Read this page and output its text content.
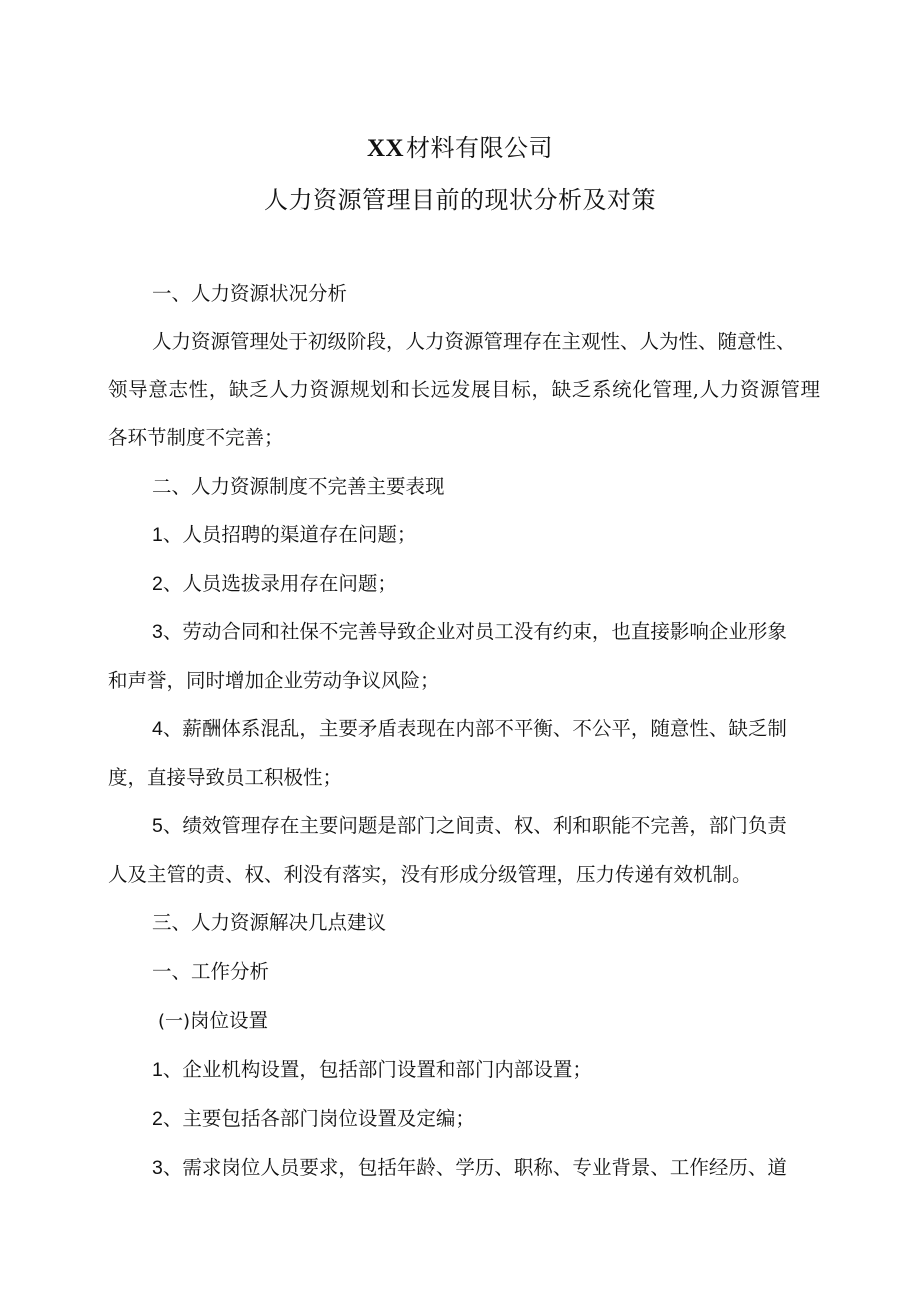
XX材料有限公司
人力资源管理目前的现状分析及对策
一、人力资源状况分析
人力资源管理处于初级阶段，人力资源管理存在主观性、人为性、随意性、
领导意志性，缺乏人力资源规划和长远发展目标，缺乏系统化管理,人力资源管理
各环节制度不完善；
二、人力资源制度不完善主要表现
1、人员招聘的渠道存在问题；
2、人员选拔录用存在问题；
3、劳动合同和社保不完善导致企业对员工没有约束，也直接影响企业形象
和声誉，同时增加企业劳动争议风险；
4、薪酬体系混乱，主要矛盾表现在内部不平衡、不公平，随意性、缺乏制
度，直接导致员工积极性；
5、绩效管理存在主要问题是部门之间责、权、利和职能不完善，部门负责
人及主管的责、权、利没有落实，没有形成分级管理，压力传递有效机制。
三、人力资源解决几点建议
一、工作分析
(一)岗位设置
1、企业机构设置，包括部门设置和部门内部设置；
2、主要包括各部门岗位设置及定编；
3、需求岗位人员要求，包括年龄、学历、职称、专业背景、工作经历、道
